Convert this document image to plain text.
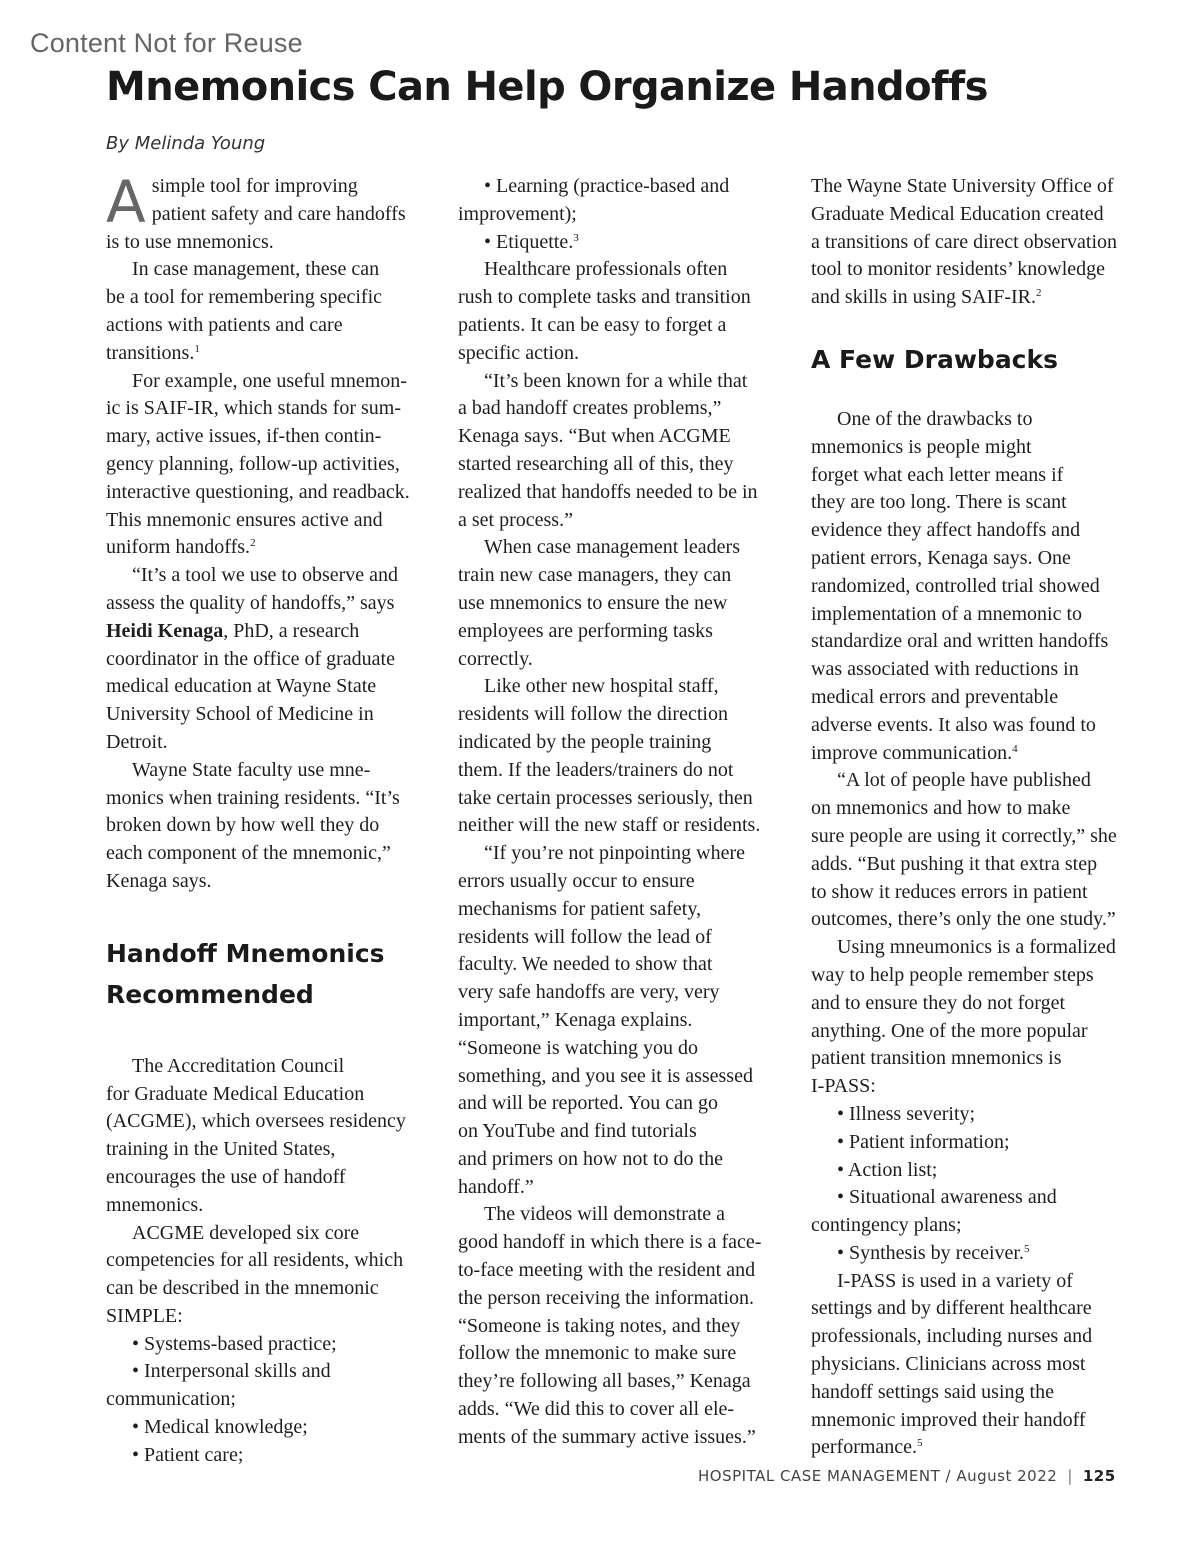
Content Not for Reuse
Mnemonics Can Help Organize Handoffs
By Melinda Young
A simple tool for improving
patient safety and care handoffs
is to use mnemonics.
In case management, these can
be a tool for remembering specific
actions with patients and care
transitions.$^1$
For example, one useful mnemon-
ic is SAIF-IR, which stands for sum-
mary, active issues, if-then contin-
gency planning, follow-up activities,
interactive questioning, and readback.
This mnemonic ensures active and
uniform handoffs.$^2$
“It’s a tool we use to observe and
assess the quality of handoffs,” says
Heidi Kenaga, PhD, a research
coordinator in the office of graduate
medical education at Wayne State
University School of Medicine in
Detroit.
Wayne State faculty use mne-
monics when training residents. “It’s
broken down by how well they do
each component of the mnemonic,”
Kenaga says.
Handoff Mnemonics
Recommended
The Accreditation Council
for Graduate Medical Education
(ACGME), which oversees residency
training in the United States,
encourages the use of handoff
mnemonics.
ACGME developed six core
competencies for all residents, which
can be described in the mnemonic
SIMPLE:
• Systems-based practice;
• Interpersonal skills and
communication;
• Medical knowledge;
• Patient care;
• Learning (practice-based and
improvement);
• Etiquette.$^3$
Healthcare professionals often
rush to complete tasks and transition
patients. It can be easy to forget a
specific action.
“It’s been known for a while that
a bad handoff creates problems,”
Kenaga says. “But when ACGME
started researching all of this, they
realized that handoffs needed to be in
a set process.”
When case management leaders
train new case managers, they can
use mnemonics to ensure the new
employees are performing tasks
correctly.
Like other new hospital staff,
residents will follow the direction
indicated by the people training
them. If the leaders/trainers do not
take certain processes seriously, then
neither will the new staff or residents.
“If you’re not pinpointing where
errors usually occur to ensure
mechanisms for patient safety,
residents will follow the lead of
faculty. We needed to show that
very safe handoffs are very, very
important,” Kenaga explains.
“Someone is watching you do
something, and you see it is assessed
and will be reported. You can go
on YouTube and find tutorials
and primers on how not to do the
handoff.”
The videos will demonstrate a
good handoff in which there is a face-
to-face meeting with the resident and
the person receiving the information.
“Someone is taking notes, and they
follow the mnemonic to make sure
they’re following all bases,” Kenaga
adds. “We did this to cover all ele-
ments of the summary active issues.”
The Wayne State University Office of
Graduate Medical Education created
a transitions of care direct observation
tool to monitor residents’ knowledge
and skills in using SAIF-IR.$^2$
A Few Drawbacks
One of the drawbacks to
mnemonics is people might
forget what each letter means if
they are too long. There is scant
evidence they affect handoffs and
patient errors, Kenaga says. One
randomized, controlled trial showed
implementation of a mnemonic to
standardize oral and written handoffs
was associated with reductions in
medical errors and preventable
adverse events. It also was found to
improve communication.$^4$
“A lot of people have published
on mnemonics and how to make
sure people are using it correctly,” she
adds. “But pushing it that extra step
to show it reduces errors in patient
outcomes, there’s only the one study.”
Using mneumonics is a formalized
way to help people remember steps
and to ensure they do not forget
anything. One of the more popular
patient transition mnemonics is
I-PASS:
• Illness severity;
• Patient information;
• Action list;
• Situational awareness and
contingency plans;
• Synthesis by receiver.$^5$
I-PASS is used in a variety of
settings and by different healthcare
professionals, including nurses and
physicians. Clinicians across most
handoff settings said using the
mnemonic improved their handoff
performance.$^5$
HOSPITAL CASE MANAGEMENT / August 2022 | 125
